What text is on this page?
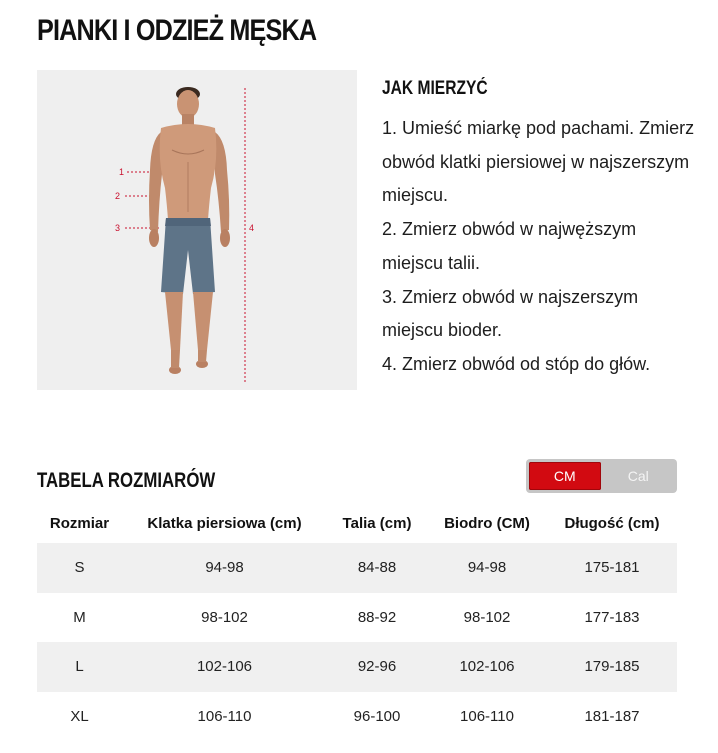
PIANKI I ODZIEŻ MĘSKA
1
2
3	4
JAK MIERZYĆ

1. Umieść miarkę pod pachami. Zmierz obwód klatki piersiowej w najszerszym miejscu.

2. Zmierz obwód w najwęższym miejscu talii.

3. Zmierz obwód w najszerszym miejscu bioder.

4. Zmierz obwód od stóp do głów.

TABELA ROZMIARÓW	CM	Cal
Rozmiar	Klatka piersiowa (cm)	Talia (cm)	Biodro (CM)	Długość (cm)
S	94-98	84-88	94-98	175-181
M	98-102	88-92	98-102	177-183
L	102-106	92-96	102-106	179-185
XL	106-110	96-100	106-110	181-187
